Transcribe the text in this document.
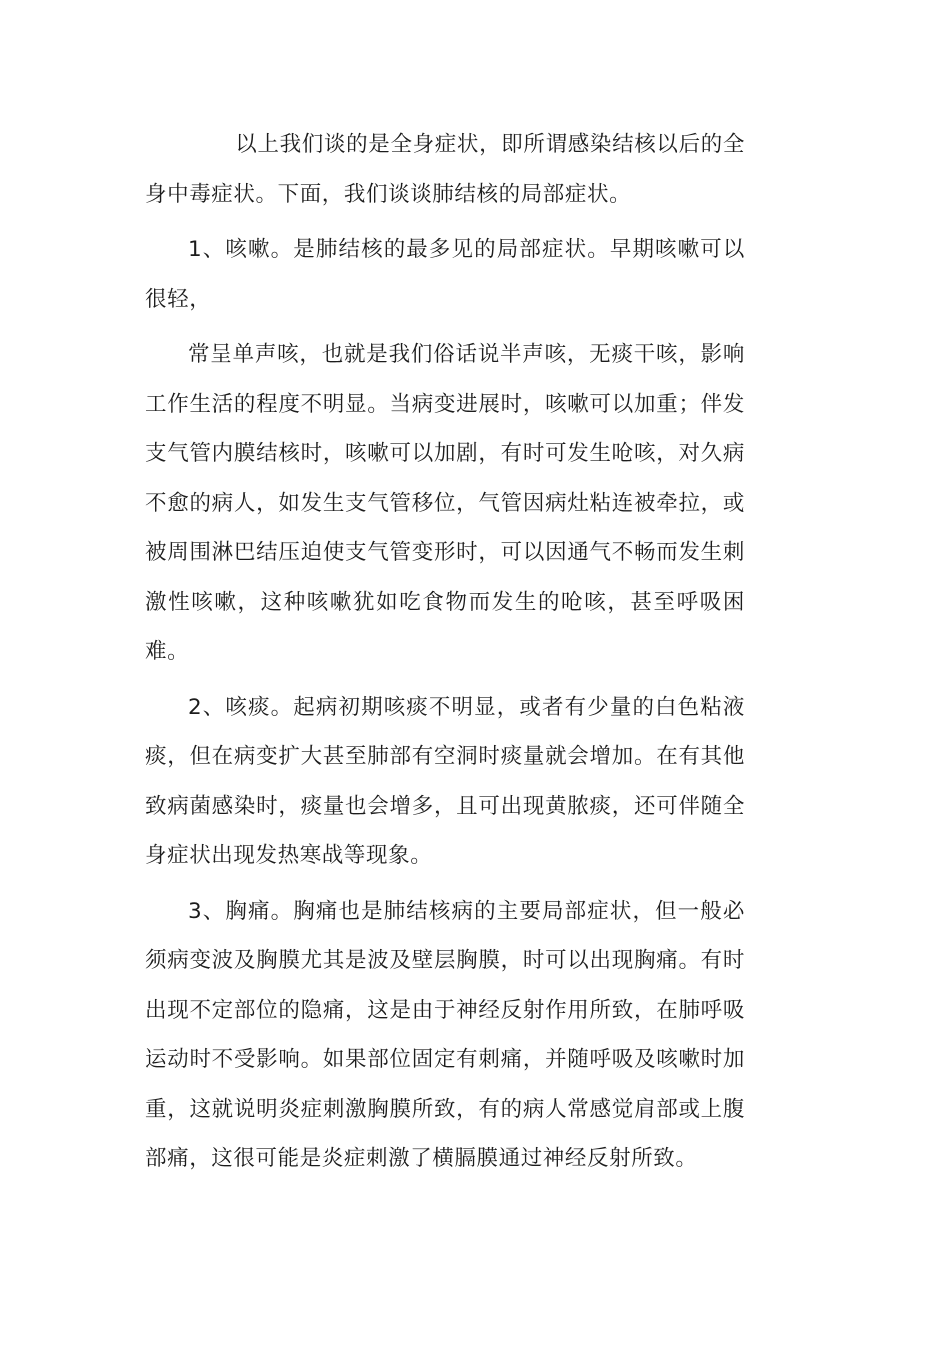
以上我们谈的是全身症状，即所谓感染结核以后的全身中毒症状。下面，我们谈谈肺结核的局部症状。

1、咳嗽。是肺结核的最多见的局部症状。早期咳嗽可以很轻，

常呈单声咳，也就是我们俗话说半声咳，无痰干咳，影响工作生活的程度不明显。当病变进展时，咳嗽可以加重；伴发支气管内膜结核时，咳嗽可以加剧，有时可发生呛咳，对久病不愈的病人，如发生支气管移位，气管因病灶粘连被牵拉，或被周围淋巴结压迫使支气管变形时，可以因通气不畅而发生刺激性咳嗽，这种咳嗽犹如吃食物而发生的呛咳，甚至呼吸困难。

2、咳痰。起病初期咳痰不明显，或者有少量的白色粘液痰，但在病变扩大甚至肺部有空洞时痰量就会增加。在有其他致病菌感染时，痰量也会增多，且可出现黄脓痰，还可伴随全身症状出现发热寒战等现象。

3、胸痛。胸痛也是肺结核病的主要局部症状，但一般必须病变波及胸膜尤其是波及壁层胸膜，时可以出现胸痛。有时出现不定部位的隐痛，这是由于神经反射作用所致，在肺呼吸运动时不受影响。如果部位固定有刺痛，并随呼吸及咳嗽时加重，这就说明炎症刺激胸膜所致，有的病人常感觉肩部或上腹部痛，这很可能是炎症刺激了横膈膜通过神经反射所致。
